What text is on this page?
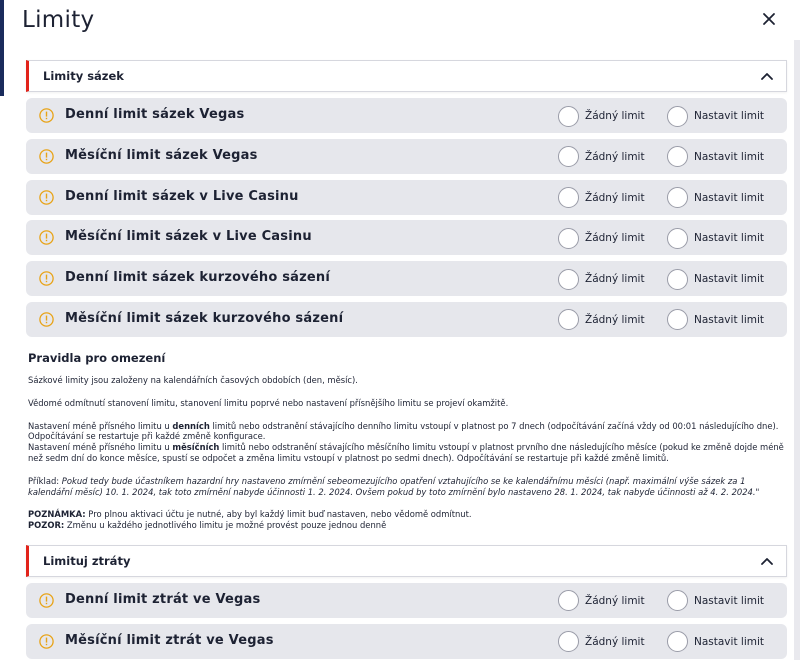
Limity
Limity sázek
Denní limit sázek Vegas	Žádný limit	Nastavit limit
Měsíční limit sázek Vegas	Žádný limit	Nastavit limit
Denní limit sázek v Live Casinu	Žádný limit	Nastavit limit
Měsíční limit sázek v Live Casinu	Žádný limit	Nastavit limit
Denní limit sázek kurzového sázení	Žádný limit	Nastavit limit
Měsíční limit sázek kurzového sázení	Žádný limit	Nastavit limit
Pravidla pro omezení

Sázkové limity jsou založeny na kalendářních časových obdobích (den, měsíc).

Vědomé odmítnutí stanovení limitu, stanovení limitu poprvé nebo nastavení přísnějšího limitu se projeví okamžitě.

Nastavení méně přísného limitu u denních limitů nebo odstranění stávajícího denního limitu vstoupí v platnost po 7 dnech (odpočítávání začíná vždy od 00:01 následujícího dne). Odpočítávání se restartuje při každé změně konfigurace.

Nastavení méně přísného limitu u měsíčních limitů nebo odstranění stávajícího měsíčního limitu vstoupí v platnost prvního dne následujícího měsíce (pokud ke změně dojde méně než sedm dní do konce měsíce, spustí se odpočet a změna limitu vstoupí v platnost po sedmi dnech). Odpočítávání se restartuje při každé změně limitů.

Příklad: Pokud tedy bude účastníkem hazardní hry nastaveno zmírnění sebeomezujícího opatření vztahujícího se ke kalendářnímu měsíci (např. maximální výše sázek za 1 kalendářní měsíc) 10. 1. 2024, tak toto zmírnění nabyde účinnosti 1. 2. 2024. Ovšem pokud by toto zmírnění bylo nastaveno 28. 1. 2024, tak nabyde účinnosti až 4. 2. 2024."

POZNÁMKA: Pro plnou aktivaci účtu je nutné, aby byl každý limit buď nastaven, nebo vědomě odmítnut.

POZOR: Změnu u každého jednotlivého limitu je možné provést pouze jednou denně

Limituj ztráty
Denní limit ztrát ve Vegas	Žádný limit	Nastavit limit
Měsíční limit ztrát ve Vegas	Žádný limit	Nastavit limit
